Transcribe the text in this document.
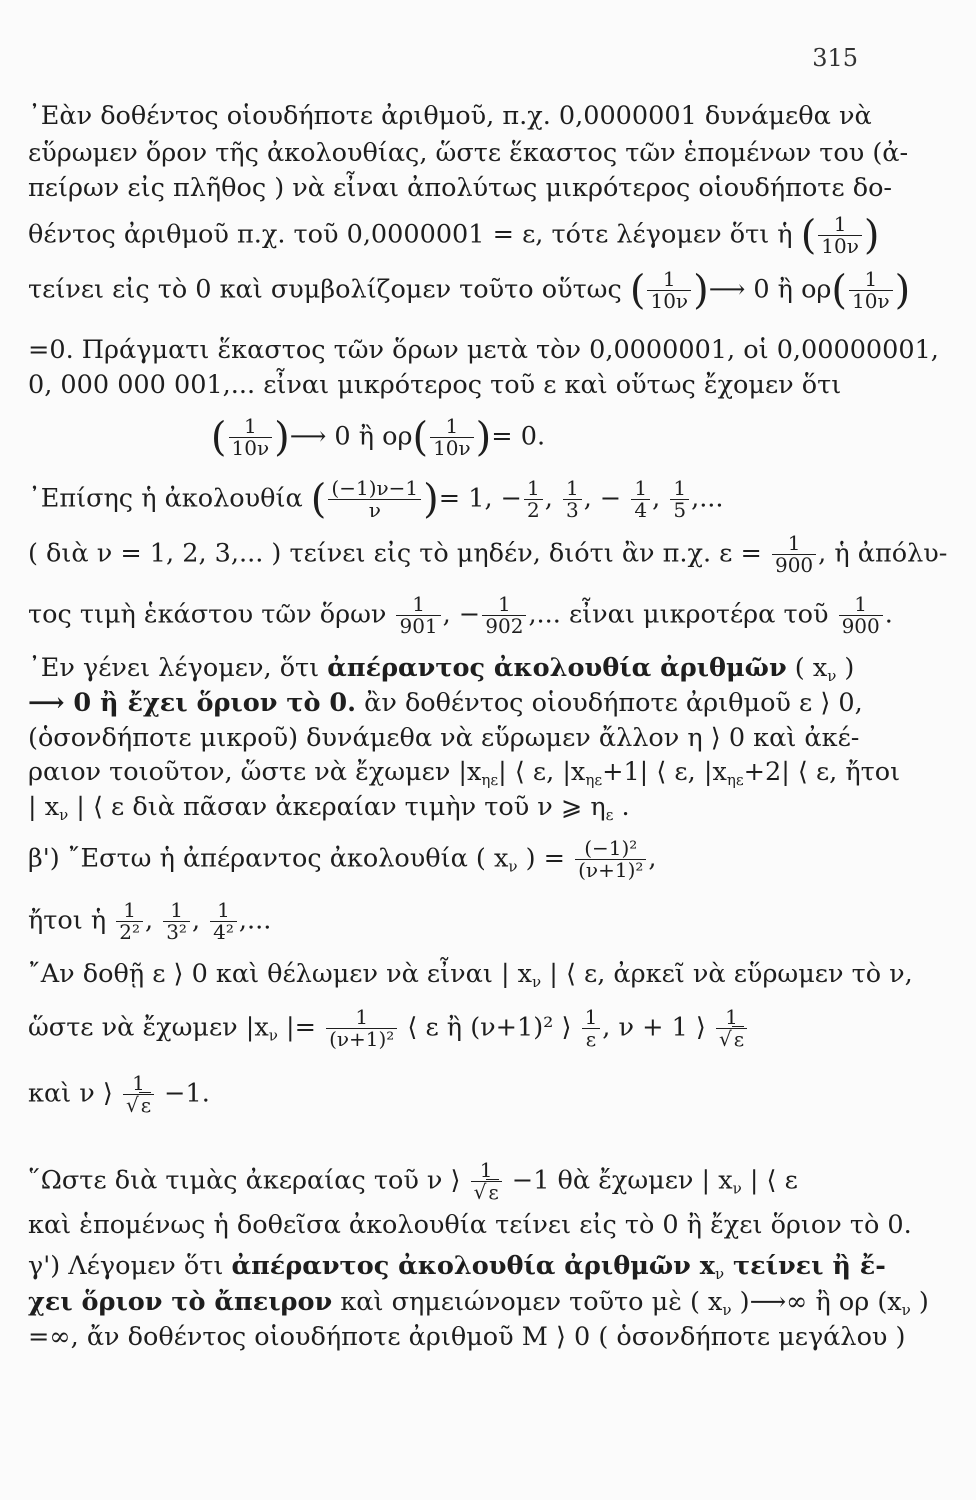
315
᾿Εὰν δοθέντος οἱουδήποτε ἀριθμοῦ, π.χ. 0,0000001 δυνάμεθα νὰ
εὕρωμεν ὅρον τῆς ἀκολουθίας, ὥστε ἕκαστος τῶν ἑπομένων του (ἀ-
πείρων εἰς πλῆθος ) νὰ εἶναι ἀπολύτως μικρότερος οἱουδήποτε δο-
θέντος ἀριθμοῦ π.χ. τοῦ 0,0000001 = ε, τότε λέγομεν ὅτι ἡ ( $\frac{1}{10\nu}$ )
τείνει εἰς τὸ 0 καὶ συμβολίζομεν τοῦτο οὕτως ( $\frac{1}{10\nu}$ )⟶ 0 ἢ $o\rho( \frac{1}{10\nu}$ )
=0. Πράγματι ἕκαστος τῶν ὅρων μετὰ τὸν 0,0000001, οἱ 0,00000001,
0, 000 000 001,... εἶναι μικρότερος τοῦ ε καὶ οὕτως ἔχομεν ὅτι
( $\frac{1}{10\nu}$ )⟶ 0 ἢ $o\rho( \frac{1}{10\nu}$ )= 0.
᾿Επίσης ἡ ἀκολουθία ( $\frac{(-1)\nu-1}{\nu}$ )= 1, − $\frac{1}{2}$ , $\frac{1}{3}$ , − $\frac{1}{4}$ , $\frac{1}{5}$ ,...
( διὰ ν = 1, 2, 3,... ) τείνει εἰς τὸ μηδέν, διότι ἂν π.χ. $\varepsilon = \frac{1}{900}$ , ἡ ἀπόλυ-
τος τιμὴ ἑκάστου τῶν ὅρων $\frac{1}{901}$ , − $\frac{1}{902}$ ,... εἶναι μικροτέρα τοῦ $\frac{1}{900}$ .
᾿Εν γένει λέγομεν, ὅτι ἀπέραντος ἀκολουθία ἀριθμῶν ( $x_\nu$ )
⟶ 0 ἢ ἔχει ὅριον τὸ 0. ἂν δοθέντος οἱουδήποτε ἀριθμοῦ ε ⟩ 0,
(ὁσονδήποτε μικροῦ) δυνάμεθα νὰ εὕρωμεν ἄλλον η ⟩ 0 καὶ ἀκέ-
ραιον τοιοῦτον, ὥστε νὰ ἔχωμεν $|x_{\eta\varepsilon}|$ ⟨ ε, $|x_{\eta\varepsilon}+1|$ ⟨ ε, $|x_{\eta\varepsilon}+2|$ ⟨ ε, ἤτοι
| $x_\nu$ | ⟨ ε διὰ πᾶσαν ἀκεραίαν τιμὴν τοῦ ν ⩾ $\eta_\varepsilon$ .
β') ῎Εστω ἡ ἀπέραντος ἀκολουθία ( $x_\nu$ ) = $\frac{\text{(−1)²}}{\text{(ν+1)²}}$ ,
ἤτοι ἡ $\frac{1}{\text{2²}}$ , $\frac{1}{\text{3²}}$ , $\frac{1}{\text{4²}}$ ,...
῎Αν δοθῇ ε ⟩ 0 καὶ θέλωμεν νὰ εἶναι | $x_\nu$ | ⟨ ε, ἀρκεῖ νὰ εὕρωμεν τὸ ν,
ὥστε νὰ ἔχωμεν $|x_\nu$ |= $\frac{1}{\text{(ν+1)²}}$ ⟨ ε ἢ (ν+1)² ⟩ $\frac{1}{\varepsilon}$ , ν + 1 ⟩ $\frac{1}{√ \varepsilon}$
καὶ ν ⟩ $\frac{1}{√ \varepsilon} -1$.
῞Ωστε διὰ τιμὰς ἀκεραίας τοῦ ν ⟩ $\frac{1}{√ \varepsilon} -1$ θὰ ἔχωμεν | $x_\nu$ | ⟨ ε
καὶ ἑπομένως ἡ δοθεῖσα ἀκολουθία τείνει εἰς τὸ 0 ἢ ἔχει ὅριον τὸ 0.
γ') Λέγομεν ὅτι ἀπέραντος ἀκολουθία ἀριθμῶν $x_\nu$ τείνει ἢ ἔ-
χει ὅριον τὸ ἄπειρον καὶ σημειώνομεν τοῦτο μὲ ( $x_\nu$ )⟶∞ ἢ ορ ($x_\nu$ )
=∞, ἄν δοθέντος οἱουδήποτε ἀριθμοῦ M ⟩ 0 ( ὁσονδήποτε μεγάλου )
